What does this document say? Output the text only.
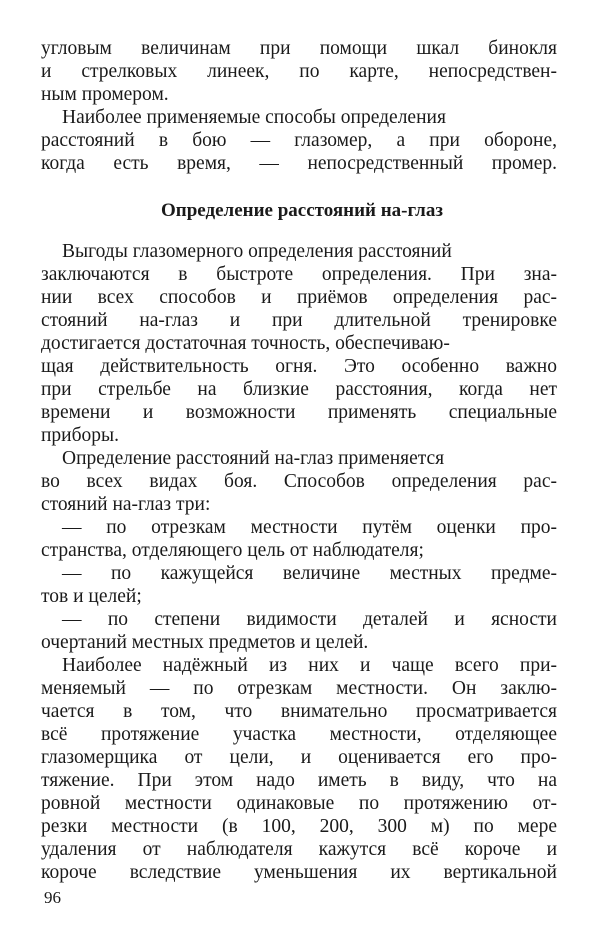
угловым величинам при помощи шкал бинокля
и стрелковых линеек, по карте, непосредствен-
ным промером.
Наиболее применяемые способы определения
расстояний в бою — глазомер, а при обороне,
когда есть время, — непосредственный промер.
Определение расстояний на-глаз
Выгоды глазомерного определения расстояний
заключаются в быстроте определения. При зна-
нии всех способов и приёмов определения рас-
стояний на-глаз и при длительной тренировке
достигается достаточная точность, обеспечиваю-
щая действительность огня. Это особенно важно
при стрельбе на близкие расстояния, когда нет
времени и возможности применять специальные
приборы.
Определение расстояний на-глаз применяется
во всех видах боя. Способов определения рас-
стояний на-глаз три:
— по отрезкам местности путём оценки про-
странства, отделяющего цель от наблюдателя;
— по кажущейся величине местных предме-
тов и целей;
— по степени видимости деталей и ясности
очертаний местных предметов и целей.
Наиболее надёжный из них и чаще всего при-
меняемый — по отрезкам местности. Он заклю-
чается в том, что внимательно просматривается
всё протяжение участка местности, отделяющее
глазомерщика от цели, и оценивается его про-
тяжение. При этом надо иметь в виду, что на
ровной местности одинаковые по протяжению от-
резки местности (в 100, 200, 300 м) по мере
удаления от наблюдателя кажутся всё короче и
короче вследствие уменьшения их вертикальной
96
